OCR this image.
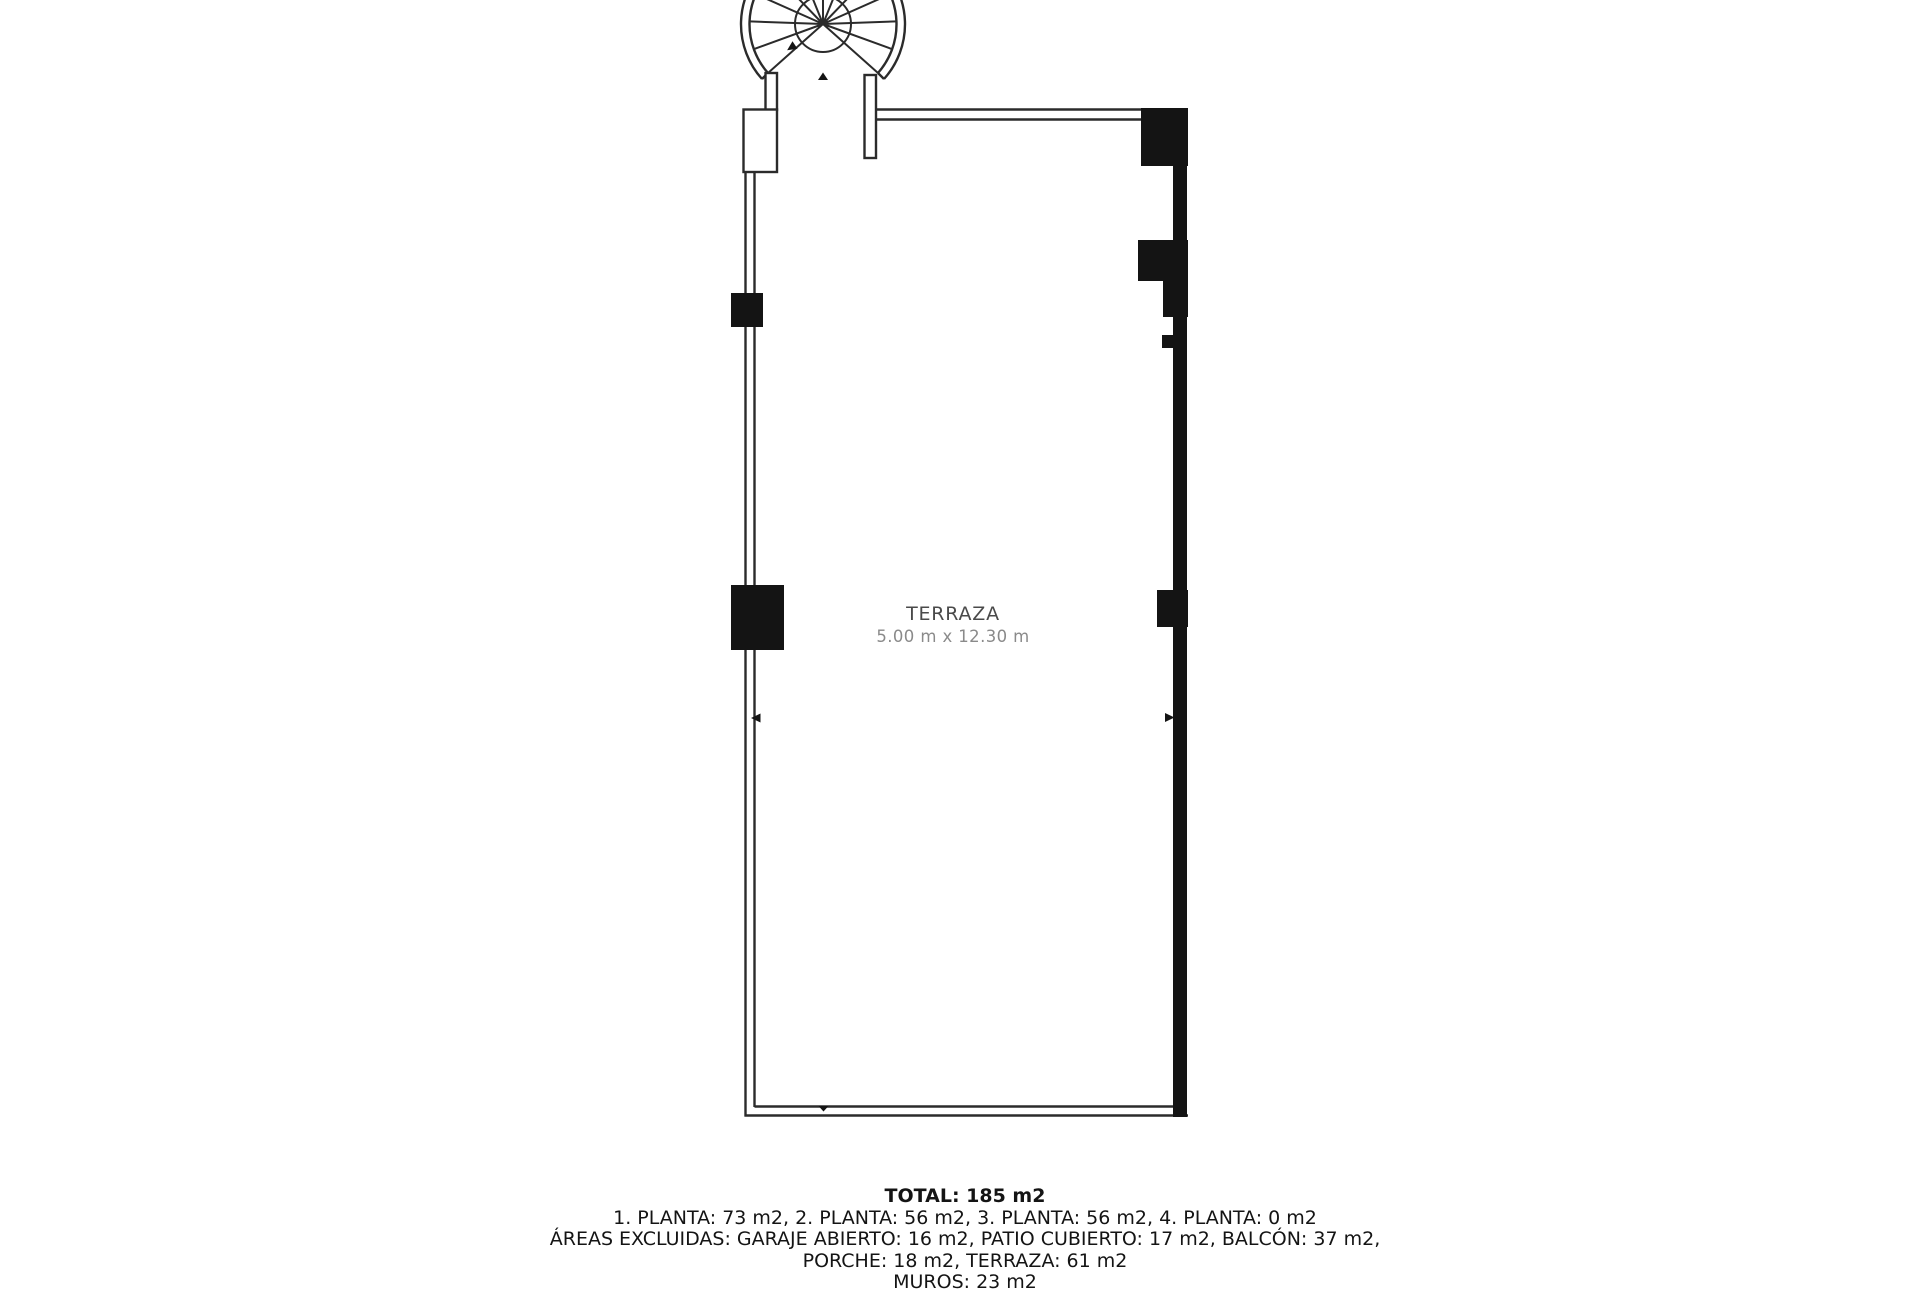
TERRAZA
5.00 m x 12.30 m
TOTAL: 185 m2
1. PLANTA: 73 m2, 2. PLANTA: 56 m2, 3. PLANTA: 56 m2, 4. PLANTA: 0 m2
ÁREAS EXCLUIDAS: GARAJE ABIERTO: 16 m2, PATIO CUBIERTO: 17 m2, BALCÓN: 37 m2,
PORCHE: 18 m2, TERRAZA: 61 m2
MUROS: 23 m2
